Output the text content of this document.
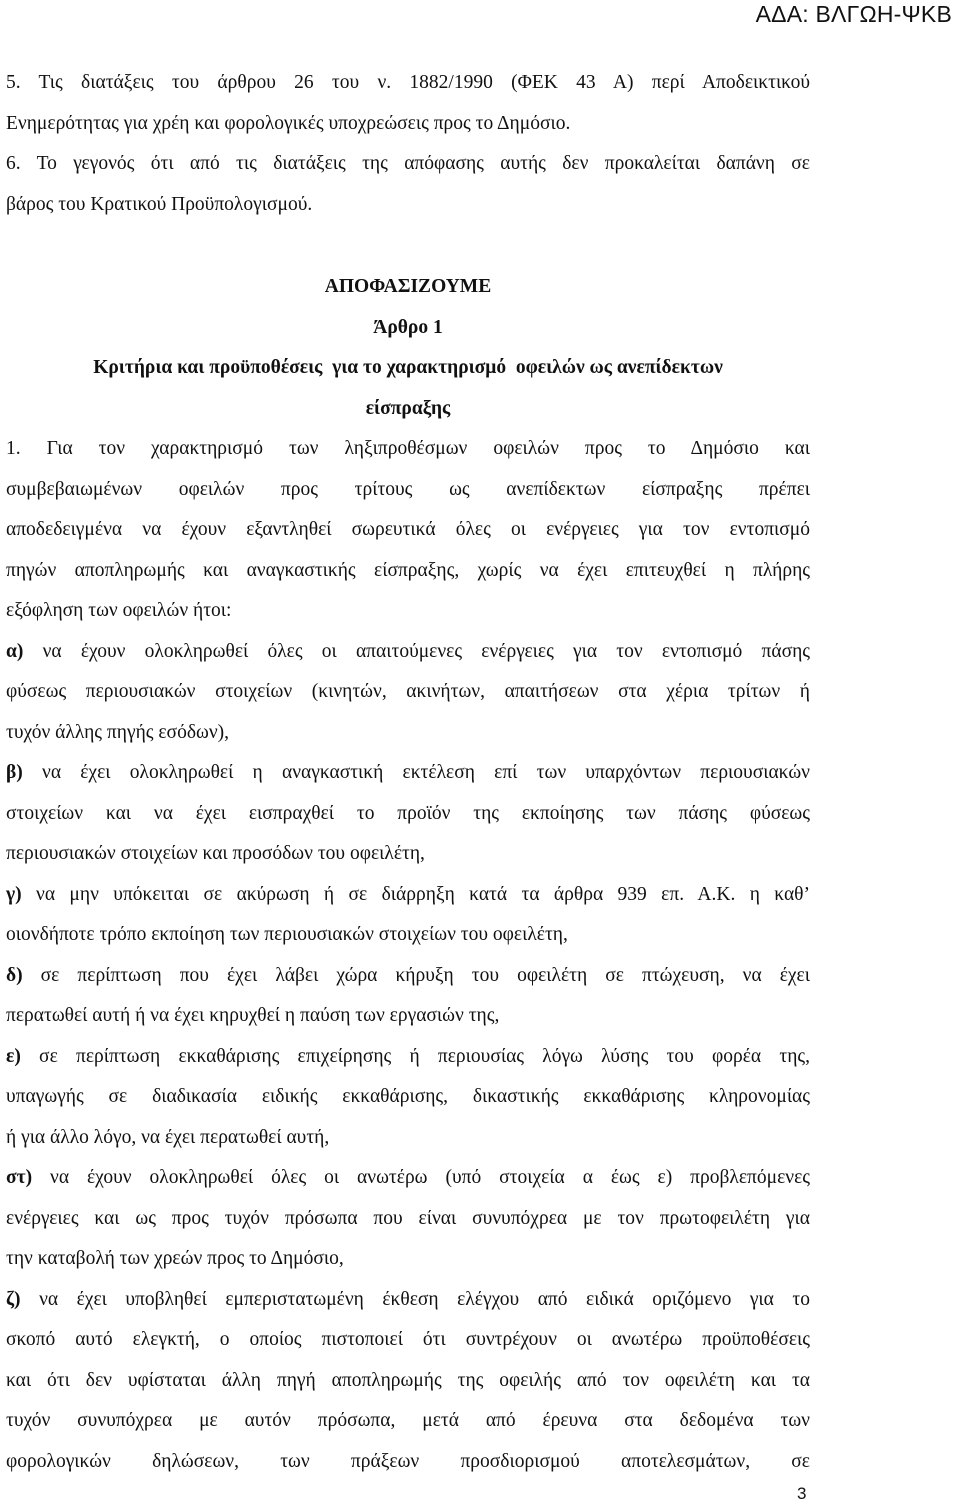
ΑΔΑ: ΒΛΓΩΗ-ΨΚΒ
5. Τις διατάξεις του άρθρου 26 του ν. 1882/1990 (ΦΕΚ 43 Α) περί Αποδεικτικού
Ενημερότητας για χρέη και φορολογικές υποχρεώσεις προς το Δημόσιο.
6. Το γεγονός ότι από τις διατάξεις της απόφασης αυτής δεν προκαλείται δαπάνη σε
βάρος του Κρατικού Προϋπολογισμού.
ΑΠΟΦΑΣΙΖΟΥΜΕ
Άρθρο 1
Κριτήρια και προϋποθέσεις  για το χαρακτηρισμό  οφειλών ως ανεπίδεκτων
είσπραξης
1. Για τον χαρακτηρισμό των ληξιπροθέσμων οφειλών προς το Δημόσιο και
συμβεβαιωμένων οφειλών προς τρίτους ως ανεπίδεκτων είσπραξης πρέπει
αποδεδειγμένα να έχουν εξαντληθεί σωρευτικά όλες οι ενέργειες για τον εντοπισμό
πηγών αποπληρωμής και αναγκαστικής είσπραξης, χωρίς να έχει επιτευχθεί η πλήρης
εξόφληση των οφειλών ήτοι:
α) να έχουν ολοκληρωθεί όλες οι απαιτούμενες ενέργειες για τον εντοπισμό πάσης
φύσεως περιουσιακών στοιχείων (κινητών, ακινήτων, απαιτήσεων στα χέρια τρίτων ή
τυχόν άλλης πηγής εσόδων),
β) να έχει ολοκληρωθεί η αναγκαστική εκτέλεση επί των υπαρχόντων περιουσιακών
στοιχείων και να έχει εισπραχθεί το προϊόν της εκποίησης των πάσης φύσεως
περιουσιακών στοιχείων και προσόδων του οφειλέτη,
γ) να μην υπόκειται σε ακύρωση ή σε διάρρηξη κατά τα άρθρα 939 επ. Α.Κ. η καθ’
οιονδήποτε τρόπο εκποίηση των περιουσιακών στοιχείων του οφειλέτη,
δ) σε περίπτωση που έχει λάβει χώρα κήρυξη του οφειλέτη σε πτώχευση, να έχει
περατωθεί αυτή ή να έχει κηρυχθεί η παύση των εργασιών της,
ε) σε περίπτωση εκκαθάρισης επιχείρησης ή περιουσίας λόγω λύσης του φορέα της,
υπαγωγής σε διαδικασία ειδικής εκκαθάρισης, δικαστικής εκκαθάρισης κληρονομίας
ή για άλλο λόγο, να έχει περατωθεί αυτή,
στ) να έχουν ολοκληρωθεί όλες οι ανωτέρω (υπό στοιχεία α έως ε) προβλεπόμενες
ενέργειες και ως προς τυχόν πρόσωπα που είναι συνυπόχρεα με τον πρωτοφειλέτη για
την καταβολή των χρεών προς το Δημόσιο,
ζ) να έχει υποβληθεί εμπεριστατωμένη έκθεση ελέγχου από ειδικά οριζόμενο για το
σκοπό αυτό ελεγκτή, ο οποίος πιστοποιεί ότι συντρέχουν οι ανωτέρω προϋποθέσεις
και ότι δεν υφίσταται άλλη πηγή αποπληρωμής της οφειλής από τον οφειλέτη και τα
τυχόν συνυπόχρεα με αυτόν πρόσωπα, μετά από έρευνα στα δεδομένα των
φορολογικών δηλώσεων, των πράξεων προσδιορισμού αποτελεσμάτων, σε
3
